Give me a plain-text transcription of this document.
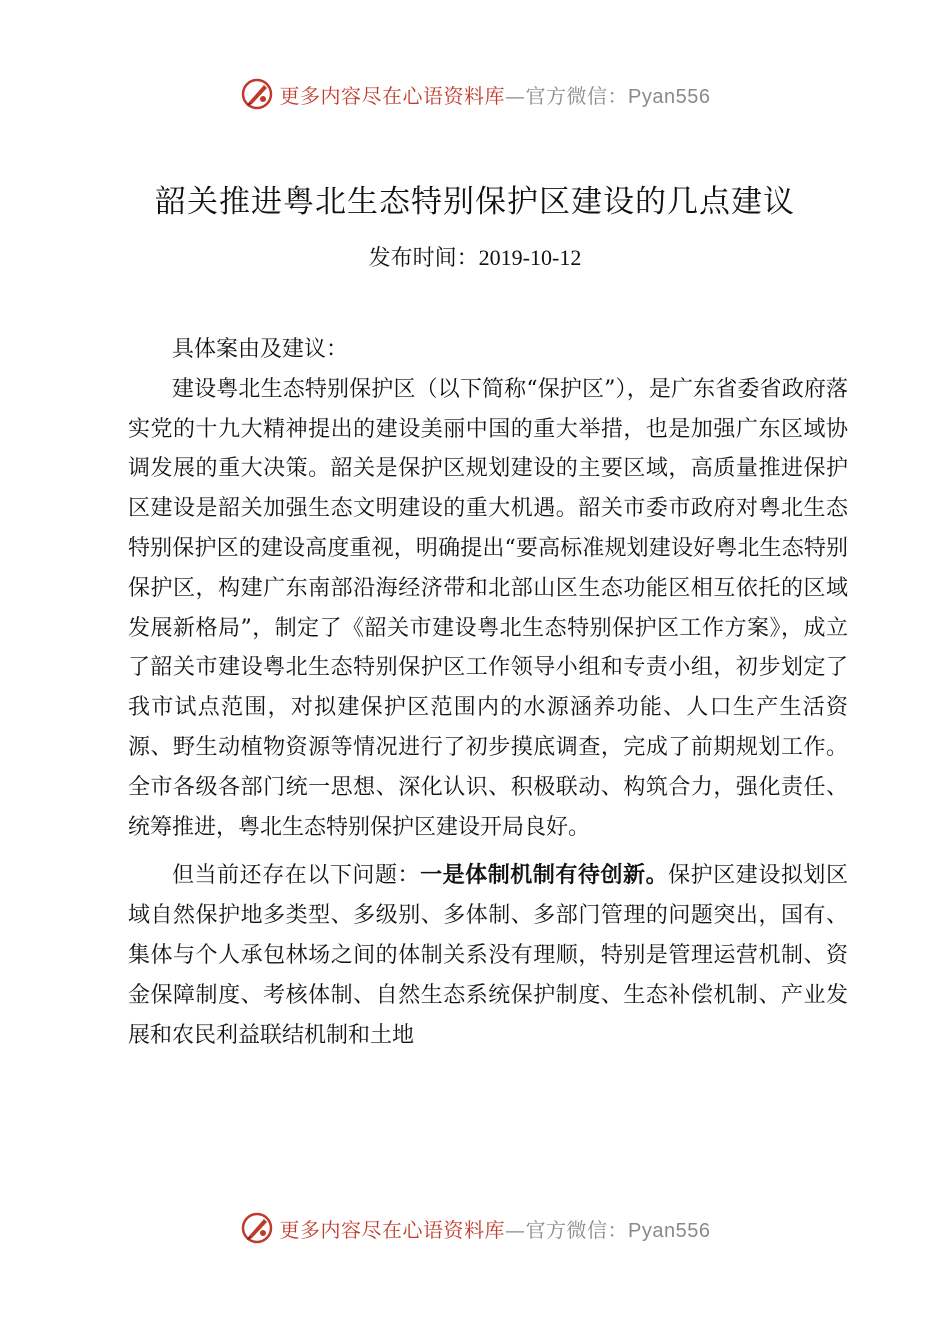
更多内容尽在心语资料库—官方微信：Pyan556
韶关推进粤北生态特别保护区建设的几点建议
发布时间：2019-10-12

具体案由及建议：

建设粤北生态特别保护区（以下简称“保护区”），是广东省委省政府落实党的十九大精神提出的建设美丽中国的重大举措，也是加强广东区域协调发展的重大决策。韶关是保护区规划建设的主要区域，高质量推进保护区建设是韶关加强生态文明建设的重大机遇。韶关市委市政府对粤北生态特别保护区的建设高度重视，明确提出“要高标准规划建设好粤北生态特别保护区，构建广东南部沿海经济带和北部山区生态功能区相互依托的区域发展新格局”，制定了《韶关市建设粤北生态特别保护区工作方案》，成立了韶关市建设粤北生态特别保护区工作领导小组和专责小组，初步划定了我市试点范围，对拟建保护区范围内的水源涵养功能、人口生产生活资源、野生动植物资源等情况进行了初步摸底调查，完成了前期规划工作。全市各级各部门统一思想、深化认识、积极联动、构筑合力，强化责任、统筹推进，粤北生态特别保护区建设开局良好。

但当前还存在以下问题：一是体制机制有待创新。保护区建设拟划区域自然保护地多类型、多级别、多体制、多部门管理的问题突出，国有、集体与个人承包林场之间的体制关系没有理顺，特别是管理运营机制、资金保障制度、考核体制、自然生态系统保护制度、生态补偿机制、产业发展和农民利益联结机制和土地

更多内容尽在心语资料库—官方微信：Pyan556
